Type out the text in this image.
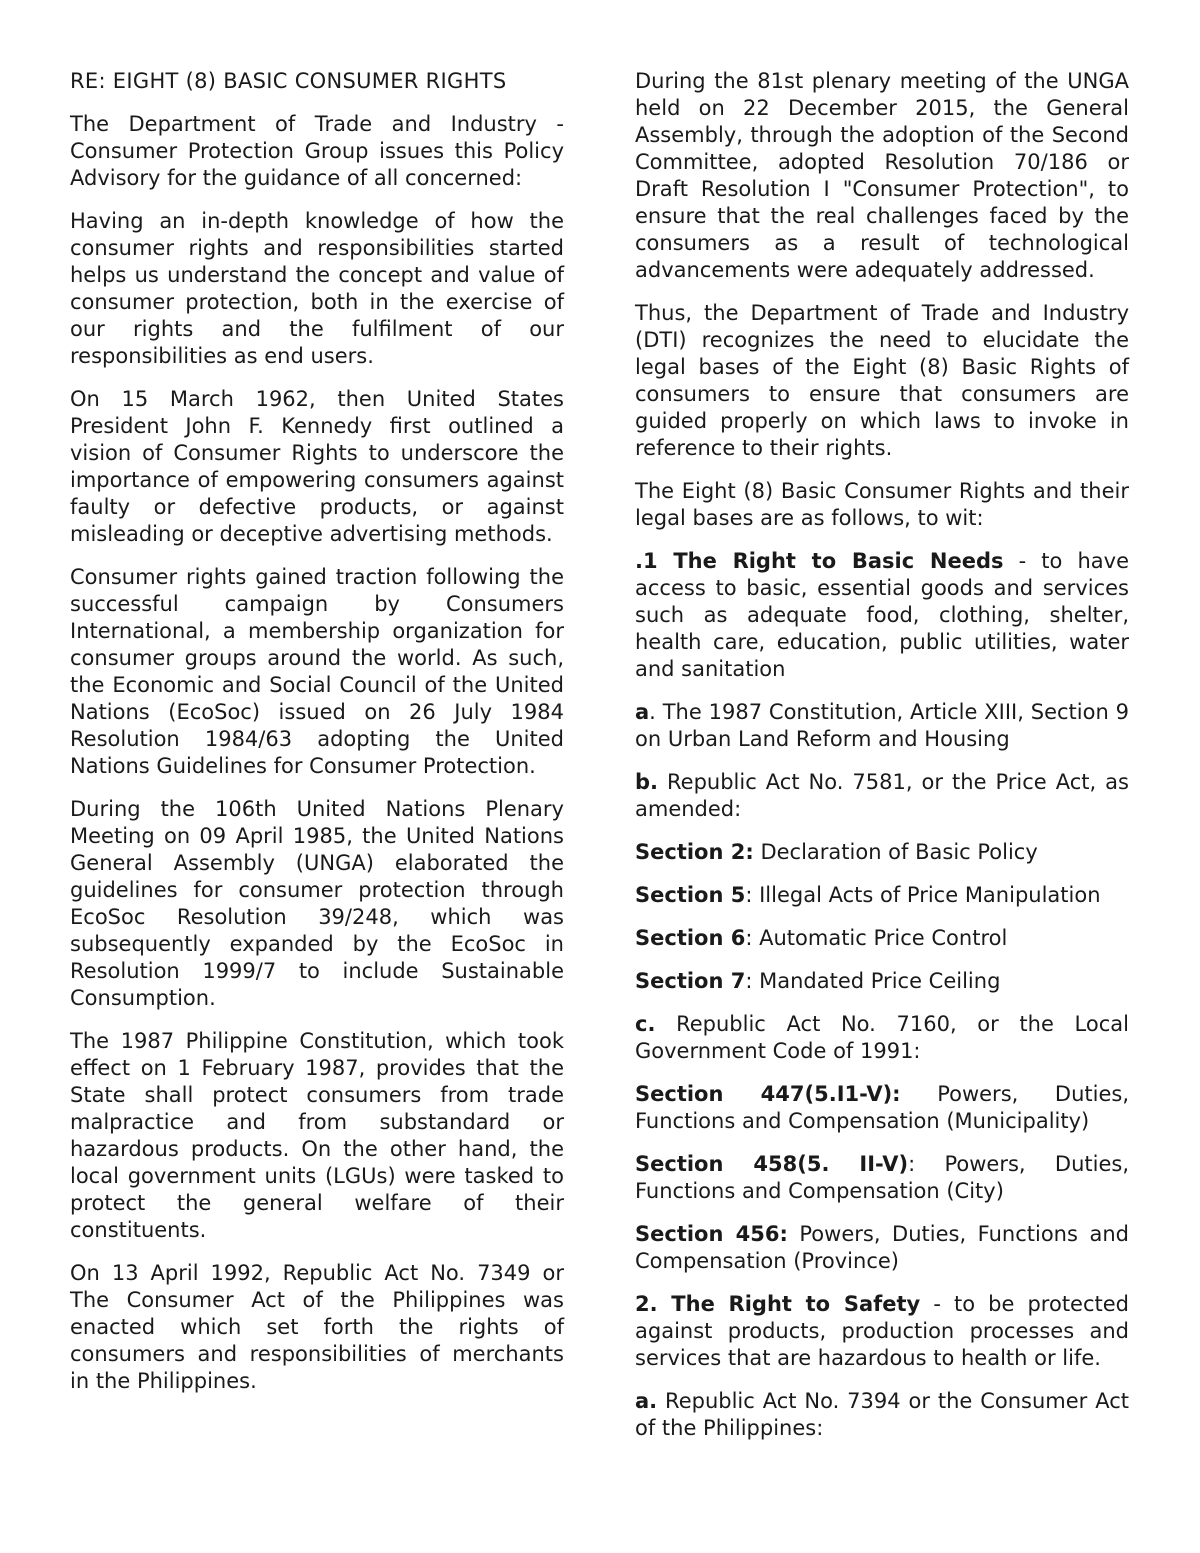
RE: EIGHT (8) BASIC CONSUMER RIGHTS

The Department of Trade and Industry - Consumer Protection Group issues this Policy Advisory for the guidance of all concerned:

Having an in-depth knowledge of how the consumer rights and responsibilities started helps us understand the concept and value of consumer protection, both in the exercise of our rights and the fulfilment of our responsibilities as end users.

On 15 March 1962, then United States President John F. Kennedy first outlined a vision of Consumer Rights to underscore the importance of empowering consumers against faulty or defective products, or against misleading or deceptive advertising methods.

Consumer rights gained traction following the successful campaign by Consumers International, a membership organization for consumer groups around the world. As such, the Economic and Social Council of the United Nations (EcoSoc) issued on 26 July 1984 Resolution 1984/63 adopting the United Nations Guidelines for Consumer Protection.

During the 106th United Nations Plenary Meeting on 09 April 1985, the United Nations General Assembly (UNGA) elaborated the guidelines for consumer protection through EcoSoc Resolution 39/248, which was subsequently expanded by the EcoSoc in Resolution 1999/7 to include Sustainable Consumption.

The 1987 Philippine Constitution, which took effect on 1 February 1987, provides that the State shall protect consumers from trade malpractice and from substandard or hazardous products. On the other hand, the local government units (LGUs) were tasked to protect the general welfare of their constituents.

On 13 April 1992, Republic Act No. 7349 or The Consumer Act of the Philippines was enacted which set forth the rights of consumers and responsibilities of merchants in the Philippines.

During the 81st plenary meeting of the UNGA held on 22 December 2015, the General Assembly, through the adoption of the Second Committee, adopted Resolution 70/186 or Draft Resolution I "Consumer Protection", to ensure that the real challenges faced by the consumers as a result of technological advancements were adequately addressed.

Thus, the Department of Trade and Industry (DTI) recognizes the need to elucidate the legal bases of the Eight (8) Basic Rights of consumers to ensure that consumers are guided properly on which laws to invoke in reference to their rights.

The Eight (8) Basic Consumer Rights and their legal bases are as follows, to wit:

.1 The Right to Basic Needs - to have access to basic, essential goods and services such as adequate food, clothing, shelter, health care, education, public utilities, water and sanitation

a. The 1987 Constitution, Article XIII, Section 9 on Urban Land Reform and Housing

b. Republic Act No. 7581, or the Price Act, as amended:

Section 2: Declaration of Basic Policy

Section 5: Illegal Acts of Price Manipulation

Section 6: Automatic Price Control

Section 7: Mandated Price Ceiling

c. Republic Act No. 7160, or the Local Government Code of 1991:

Section 447(5.I1-V): Powers, Duties, Functions and Compensation (Municipality)

Section 458(5. II-V): Powers, Duties, Functions and Compensation (City)

Section 456: Powers, Duties, Functions and Compensation (Province)

2. The Right to Safety - to be protected against products, production processes and services that are hazardous to health or life.

a. Republic Act No. 7394 or the Consumer Act of the Philippines:
